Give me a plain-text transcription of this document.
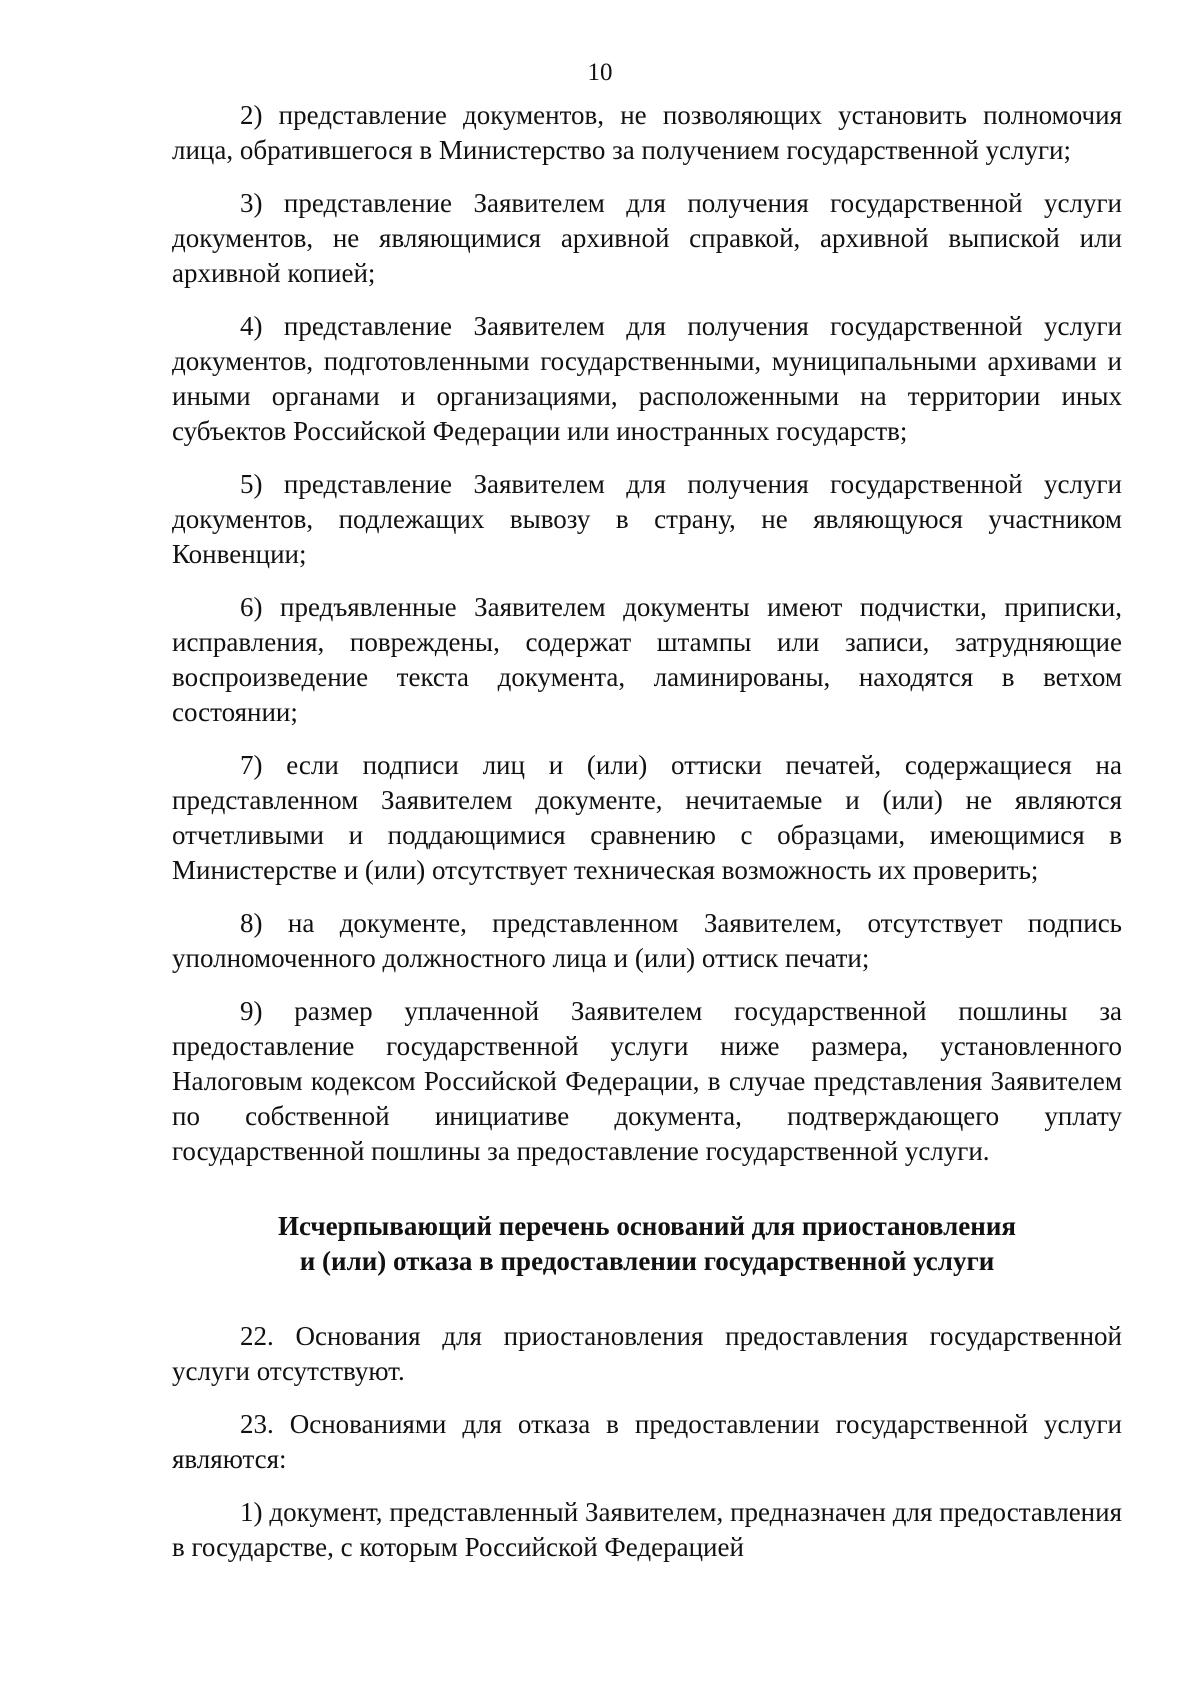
10

2) представление документов, не позволяющих установить полномочия лица, обратившегося в Министерство за получением государственной услуги;

3) представление Заявителем для получения государственной услуги документов, не являющимися архивной справкой, архивной выпиской или архивной копией;

4) представление Заявителем для получения государственной услуги документов, подготовленными государственными, муниципальными архивами и иными органами и организациями, расположенными на территории иных субъектов Российской Федерации или иностранных государств;

5) представление Заявителем для получения государственной услуги документов, подлежащих вывозу в страну, не являющуюся участником Конвенции;

6) предъявленные Заявителем документы имеют подчистки, приписки, исправления, повреждены, содержат штампы или записи, затрудняющие воспроизведение текста документа, ламинированы, находятся в ветхом состоянии;

7) если подписи лиц и (или) оттиски печатей, содержащиеся на представленном Заявителем документе, нечитаемые и (или) не являются отчетливыми и поддающимися сравнению с образцами, имеющимися в Министерстве и (или) отсутствует техническая возможность их проверить;

8) на документе, представленном Заявителем, отсутствует подпись уполномоченного должностного лица и (или) оттиск печати;

9) размер уплаченной Заявителем государственной пошлины за предоставление государственной услуги ниже размера, установленного Налоговым кодексом Российской Федерации, в случае представления Заявителем по собственной инициативе документа, подтверждающего уплату государственной пошлины за предоставление государственной услуги.

Исчерпывающий перечень оснований для приостановления
и (или) отказа в предоставлении государственной услуги

22. Основания для приостановления предоставления государственной услуги отсутствуют.

23. Основаниями для отказа в предоставлении государственной услуги являются:

1) документ, представленный Заявителем, предназначен для предоставления в государстве, с которым Российской Федерацией
